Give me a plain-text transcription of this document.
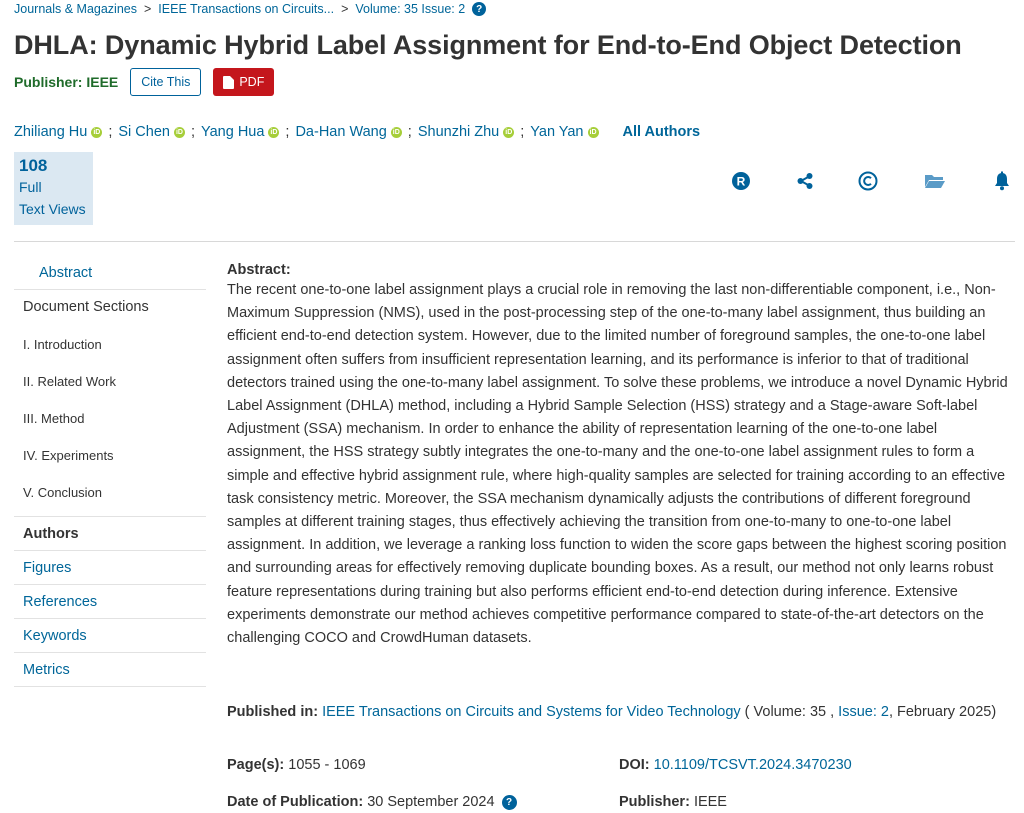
Journals & Magazines > IEEE Transactions on Circuits... > Volume: 35 Issue: 2	?
DHLA: Dynamic Hybrid Label Assignment for End-to-End Object Detection
Publisher: IEEE	Cite This	PDF
Zhiliang Hu iD ; Si Chen iD ; Yang Hua iD ; Da-Han Wang iD ; Shunzhi Zhu iD ; Yan Yan iD All Authors
108
Full
Text Views
R
Abstract
Document Sections
I. Introduction
II. Related Work
III. Method
IV. Experiments
V. Conclusion
Authors
Figures
References
Keywords
Metrics
Abstract:

The recent one-to-one label assignment plays a crucial role in removing the last non-differentiable component, i.e., Non-Maximum Suppression (NMS), used in the post-processing step of the one-to-many label assignment, thus building an efficient end-to-end detection system. However, due to the limited number of foreground samples, the one-to-one label assignment often suffers from insufficient representation learning, and its performance is inferior to that of traditional detectors trained using the one-to-many label assignment. To solve these problems, we introduce a novel Dynamic Hybrid Label Assignment (DHLA) method, including a Hybrid Sample Selection (HSS) strategy and a Stage-aware Soft-label Adjustment (SSA) mechanism. In order to enhance the ability of representation learning of the one-to-one label assignment, the HSS strategy subtly integrates the one-to-many and the one-to-one label assignment rules to form a simple and effective hybrid assignment rule, where high-quality samples are selected for training according to an effective task consistency metric. Moreover, the SSA mechanism dynamically adjusts the contributions of different foreground samples at different training stages, thus effectively achieving the transition from one-to-many to one-to-one label assignment. In addition, we leverage a ranking loss function to widen the score gaps between the highest scoring position and surrounding areas for effectively removing duplicate bounding boxes. As a result, our method not only learns robust feature representations during training but also performs efficient end-to-end detection during inference. Extensive experiments demonstrate our method achieves competitive performance compared to state-of-the-art detectors on the challenging COCO and CrowdHuman datasets.

Published in: IEEE Transactions on Circuits and Systems for Video Technology ( Volume: 35 , Issue: 2, February 2025)
Page(s): 1055 - 1069	DOI: 10.1109/TCSVT.2024.3470230
Date of Publication:
30 September 2024	?	Publisher: IEEE
